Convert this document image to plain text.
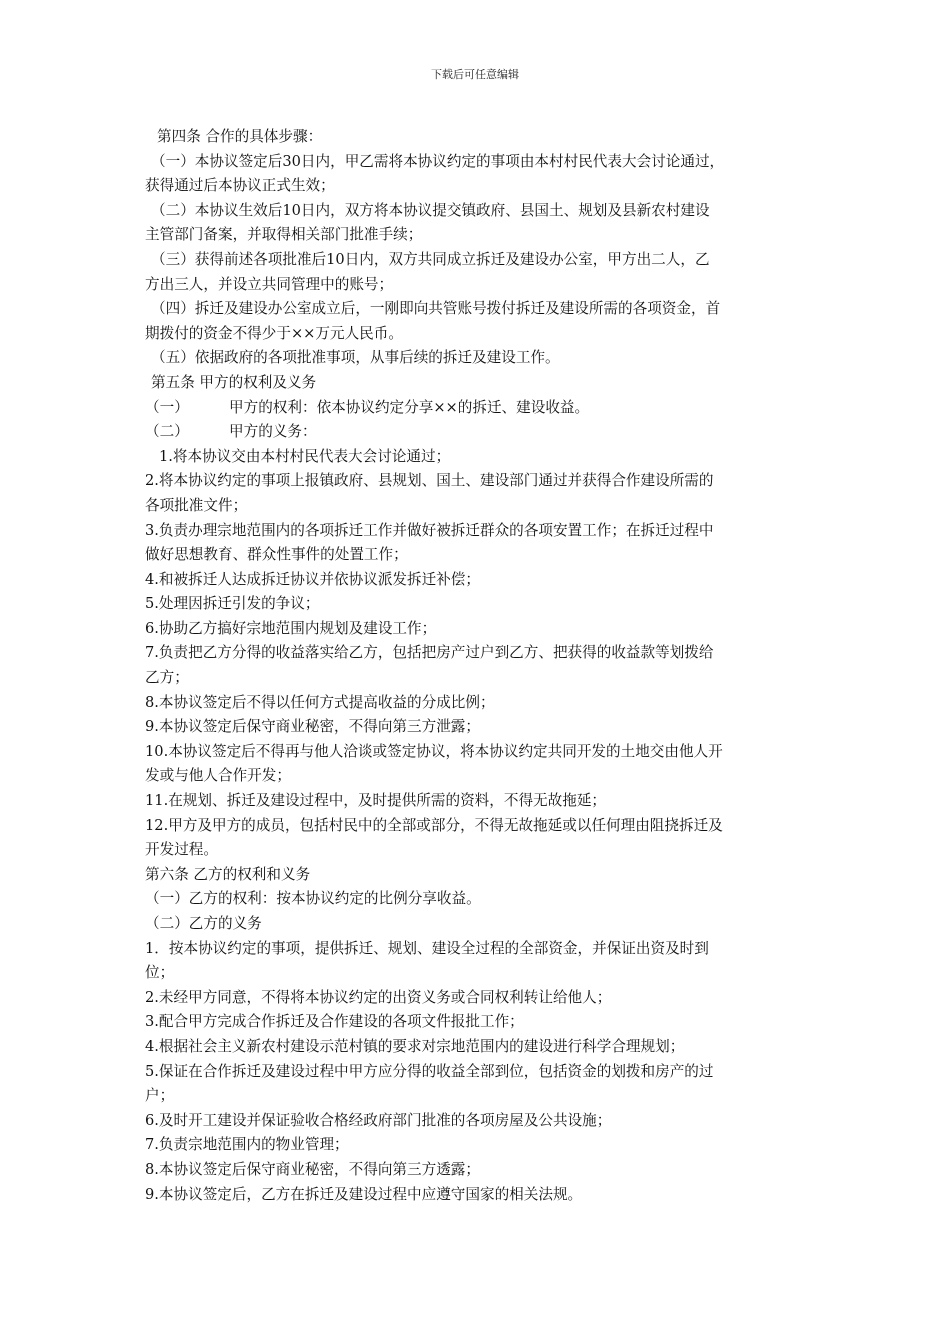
下载后可任意编辑
第四条 合作的具体步骤：
（一）本协议签定后30日内，甲乙需将本协议约定的事项由本村村民代表大会讨论通过，
获得通过后本协议正式生效；
（二）本协议生效后10日内，双方将本协议提交镇政府、县国土、规划及县新农村建设
主管部门备案，并取得相关部门批准手续；
（三）获得前述各项批准后10日内，双方共同成立拆迁及建设办公室，甲方出二人，乙
方出三人，并设立共同管理中的账号；
（四）拆迁及建设办公室成立后，一刚即向共管账号拨付拆迁及建设所需的各项资金，首
期拨付的资金不得少于××万元人民币。
（五）依据政府的各项批准事项，从事后续的拆迁及建设工作。
第五条 甲方的权利及义务
（一）	甲方的权利：依本协议约定分享××的拆迁、建设收益。
（二）	甲方的义务：
1.将本协议交由本村村民代表大会讨论通过；
2.将本协议约定的事项上报镇政府、县规划、国土、建设部门通过并获得合作建设所需的
各项批准文件；
3.负责办理宗地范围内的各项拆迁工作并做好被拆迁群众的各项安置工作；在拆迁过程中
做好思想教育、群众性事件的处置工作；
4.和被拆迁人达成拆迁协议并依协议派发拆迁补偿；
5.处理因拆迁引发的争议；
6.协助乙方搞好宗地范围内规划及建设工作；
7.负责把乙方分得的收益落实给乙方，包括把房产过户到乙方、把获得的收益款等划拨给
乙方；
8.本协议签定后不得以任何方式提高收益的分成比例；
9.本协议签定后保守商业秘密，不得向第三方泄露；
10.本协议签定后不得再与他人洽谈或签定协议，将本协议约定共同开发的土地交由他人开
发或与他人合作开发；
11.在规划、拆迁及建设过程中，及时提供所需的资料，不得无故拖延；
12.甲方及甲方的成员，包括村民中的全部或部分，不得无故拖延或以任何理由阻挠拆迁及
开发过程。
第六条 乙方的权利和义务
（一）乙方的权利：按本协议约定的比例分享收益。
（二）乙方的义务
1．按本协议约定的事项，提供拆迁、规划、建设全过程的全部资金，并保证出资及时到
位；
2.未经甲方同意，不得将本协议约定的出资义务或合同权利转让给他人；
3.配合甲方完成合作拆迁及合作建设的各项文件报批工作；
4.根据社会主义新农村建设示范村镇的要求对宗地范围内的建设进行科学合理规划；
5.保证在合作拆迁及建设过程中甲方应分得的收益全部到位，包括资金的划拨和房产的过
户；
6.及时开工建设并保证验收合格经政府部门批准的各项房屋及公共设施；
7.负责宗地范围内的物业管理；
8.本协议签定后保守商业秘密，不得向第三方透露；
9.本协议签定后，乙方在拆迁及建设过程中应遵守国家的相关法规。
